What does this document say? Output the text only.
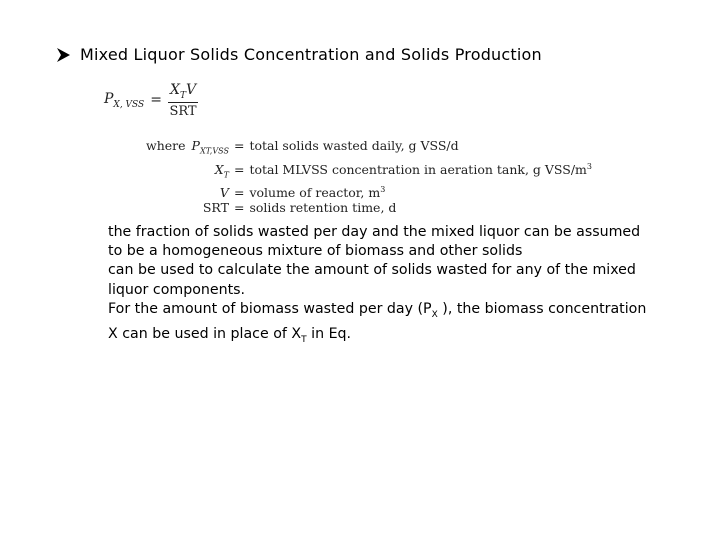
Mixed Liquor Solids Concentration and Solids Production
$P_{X, VSS} = \frac{X_TV}{\text{SRT}}$
where	$P_{XT,VSS}$	=	total solids wasted daily, g VSS/d
	$X_T$	=	total MLVSS concentration in aeration tank, g VSS/$m^3$
	V	=	volume of reactor, $m^3$
	SRT	=	solids retention time, d

the fraction of solids wasted per day and the mixed liquor can be assumed

to be a homogeneous mixture of biomass and other solids

can be used to calculate the amount of solids wasted for any of the mixed

liquor components.

For the amount of biomass wasted per day ($P_X$ ), the biomass concentration

X can be used in place of $X_T$ in Eq.
